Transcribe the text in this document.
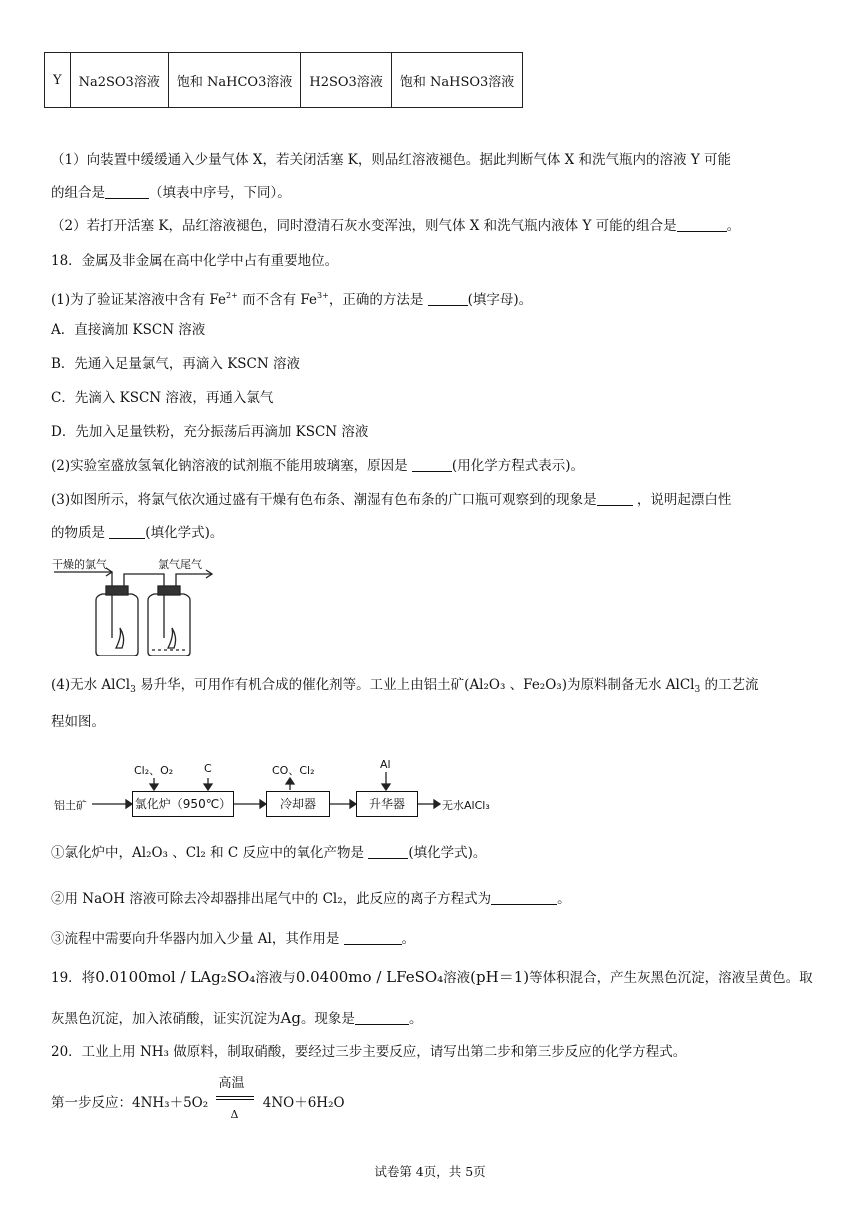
Y	Na2SO3溶液	饱和 NaHCO3溶液	H2SO3溶液	饱和 NaHSO3溶液
（1）向装置中缓缓通入少量气体 X，若关闭活塞 K，则品红溶液褪色。据此判断气体 X 和洗气瓶内的溶液 Y 可能
的组合是	（填表中序号，下同）。
（2）若打开活塞 K，品红溶液褪色，同时澄清石灰水变浑浊，则气体 X 和洗气瓶内液体 Y 可能的组合是	。
18．金属及非金属在高中化学中占有重要地位。
(1)为了验证某溶液中含有 $Fe^{2+}$ 而不含有 $Fe^{3+}$，正确的方法是	(填字母)。
A．直接滴加 KSCN 溶液
B．先通入足量氯气，再滴入 KSCN 溶液
C．先滴入 KSCN 溶液，再通入氯气
D．先加入足量铁粉，充分振荡后再滴加 KSCN 溶液
(2)实验室盛放氢氧化钠溶液的试剂瓶不能用玻璃塞，原因是	(用化学方程式表示)。
(3)如图所示，将氯气依次通过盛有干燥有色布条、潮湿有色布条的广口瓶可观察到的现象是	，说明起漂白性
的物质是	(填化学式)。
干燥的氯气	氯气尾气
(4)无水 AlCl$_3$ 易升华，可用作有机合成的催化剂等。工业上由铝土矿(Al₂O₃ 、Fe₂O₃)为原料制备无水 AlCl$_3$ 的工艺流
程如图。
铝土矿
Cl₂、O₂	C
氯化炉（950℃）
CO、Cl₂
冷却器
Al
升华器	无水AlCl₃
①氯化炉中，Al₂O₃ 、Cl₂ 和 C 反应中的氧化产物是	(填化学式)。
②用 NaOH 溶液可除去冷却器排出尾气中的 Cl₂，此反应的离子方程式为	。
③流程中需要向升华器内加入少量 Al，其作用是	。
19．将0.0100mol / LAg₂SO₄溶液与0.0400mo / LFeSO₄溶液(pH＝1)等体积混合，产生灰黑色沉淀，溶液呈黄色。取
灰黑色沉淀，加入浓硝酸，证实沉淀为Ag。现象是	。
20．工业上用 NH₃ 做原料，制取硝酸，要经过三步主要反应，请写出第二步和第三步反应的化学方程式。
第一步反应：4NH₃＋5O₂
高温
Δ
4NO＋6H₂O
试卷第 4页，共 5页
